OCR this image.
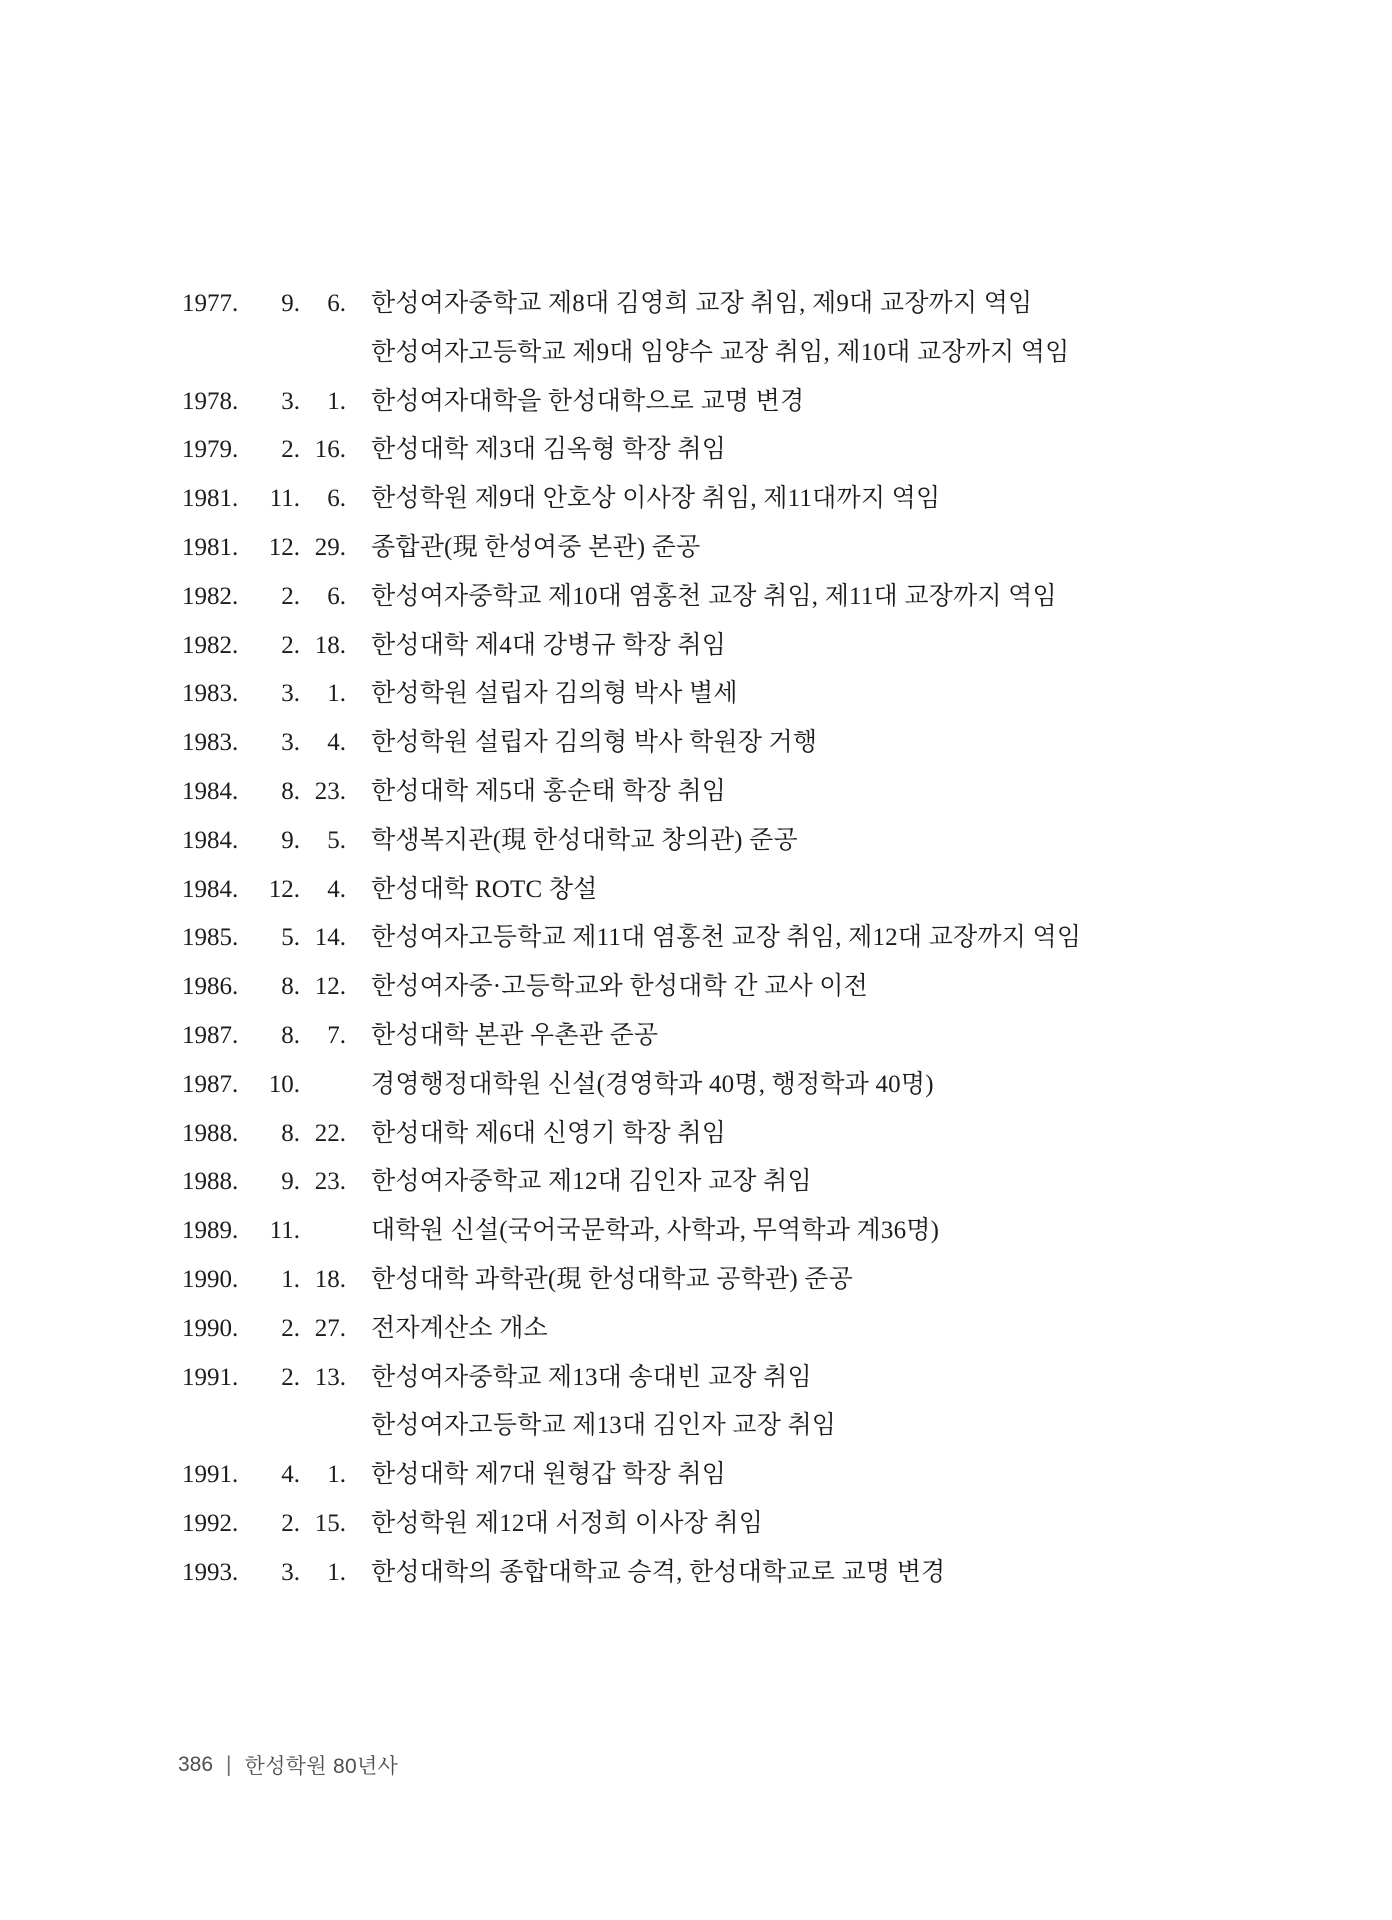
1977.	9.	6. 한성여자중학교 제8대 김영희 교장 취임, 제9대 교장까지 역임
한성여자고등학교 제9대 임양수 교장 취임, 제10대 교장까지 역임
1978.	3.	1. 한성여자대학을 한성대학으로 교명 변경
1979.	2. 16. 한성대학 제3대 김옥형 학장 취임
1981.	11.	6. 한성학원 제9대 안호상 이사장 취임, 제11대까지 역임
1981.	12. 29. 종합관(現 한성여중 본관) 준공
1982.	2.	6. 한성여자중학교 제10대 염홍천 교장 취임, 제11대 교장까지 역임
1982.	2. 18. 한성대학 제4대 강병규 학장 취임
1983.	3.	1. 한성학원 설립자 김의형 박사 별세
1983.	3.	4. 한성학원 설립자 김의형 박사 학원장 거행
1984.	8. 23. 한성대학 제5대 홍순태 학장 취임
1984.	9.	5. 학생복지관(現 한성대학교 창의관) 준공
1984.	12.	4. 한성대학 ROTC 창설
1985.	5. 14. 한성여자고등학교 제11대 염홍천 교장 취임, 제12대 교장까지 역임
1986.	8. 12. 한성여자중·고등학교와 한성대학 간 교사 이전
1987.	8.	7. 한성대학 본관 우촌관 준공
1987.	10.	경영행정대학원 신설(경영학과 40명, 행정학과 40명)
1988.	8. 22. 한성대학 제6대 신영기 학장 취임
1988.	9. 23. 한성여자중학교 제12대 김인자 교장 취임
1989.	11.	대학원 신설(국어국문학과, 사학과, 무역학과 계36명)
1990.	1. 18. 한성대학 과학관(現 한성대학교 공학관) 준공
1990.	2. 27. 전자계산소 개소
1991.	2. 13. 한성여자중학교 제13대 송대빈 교장 취임
한성여자고등학교 제13대 김인자 교장 취임
1991.	4.	1. 한성대학 제7대 원형갑 학장 취임
1992.	2. 15. 한성학원 제12대 서정희 이사장 취임
1993.	3.	1. 한성대학의 종합대학교 승격, 한성대학교로 교명 변경
386 | 한성학원 80년사
